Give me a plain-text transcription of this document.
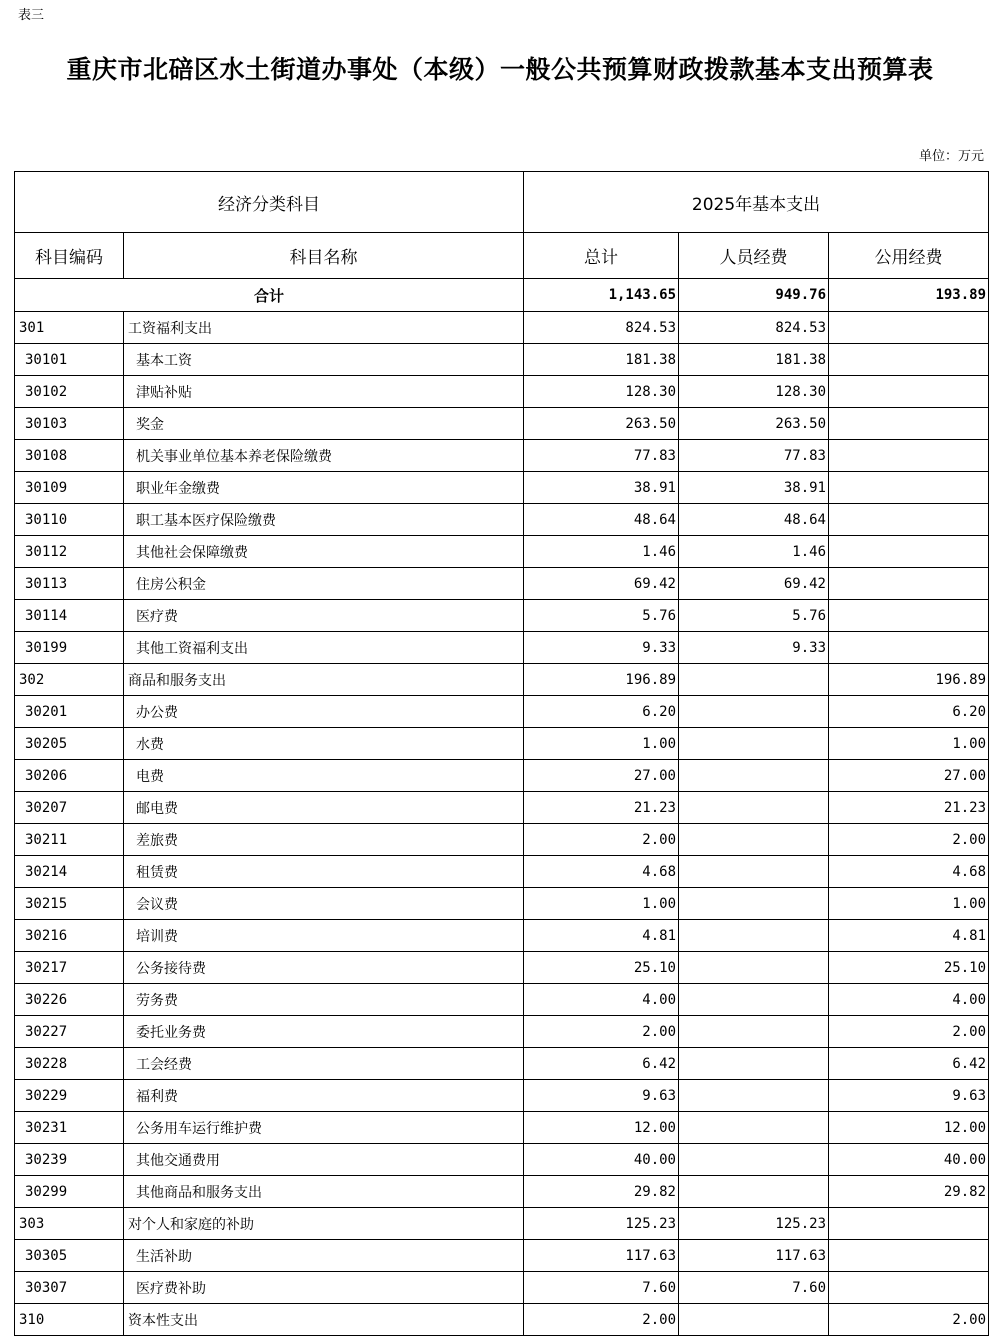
表三
重庆市北碚区水土街道办事处（本级）一般公共预算财政拨款基本支出预算表
单位：万元
经济分类科目		2025年基本支出		
科目编码	科目名称	总计	人员经费	公用经费
合计		1,143.65	949.76	193.89
301	工资福利支出	824.53	824.53	
30101	基本工资	181.38	181.38	
30102	津贴补贴	128.30	128.30	
30103	奖金	263.50	263.50	
30108	机关事业单位基本养老保险缴费	77.83	77.83	
30109	职业年金缴费	38.91	38.91	
30110	职工基本医疗保险缴费	48.64	48.64	
30112	其他社会保障缴费	1.46	1.46	
30113	住房公积金	69.42	69.42	
30114	医疗费	5.76	5.76	
30199	其他工资福利支出	9.33	9.33	
302	商品和服务支出	196.89		196.89
30201	办公费	6.20		6.20
30205	水费	1.00		1.00
30206	电费	27.00		27.00
30207	邮电费	21.23		21.23
30211	差旅费	2.00		2.00
30214	租赁费	4.68		4.68
30215	会议费	1.00		1.00
30216	培训费	4.81		4.81
30217	公务接待费	25.10		25.10
30226	劳务费	4.00		4.00
30227	委托业务费	2.00		2.00
30228	工会经费	6.42		6.42
30229	福利费	9.63		9.63
30231	公务用车运行维护费	12.00		12.00
30239	其他交通费用	40.00		40.00
30299	其他商品和服务支出	29.82		29.82
303	对个人和家庭的补助	125.23	125.23	
30305	生活补助	117.63	117.63	
30307	医疗费补助	7.60	7.60	
310	资本性支出	2.00		2.00
